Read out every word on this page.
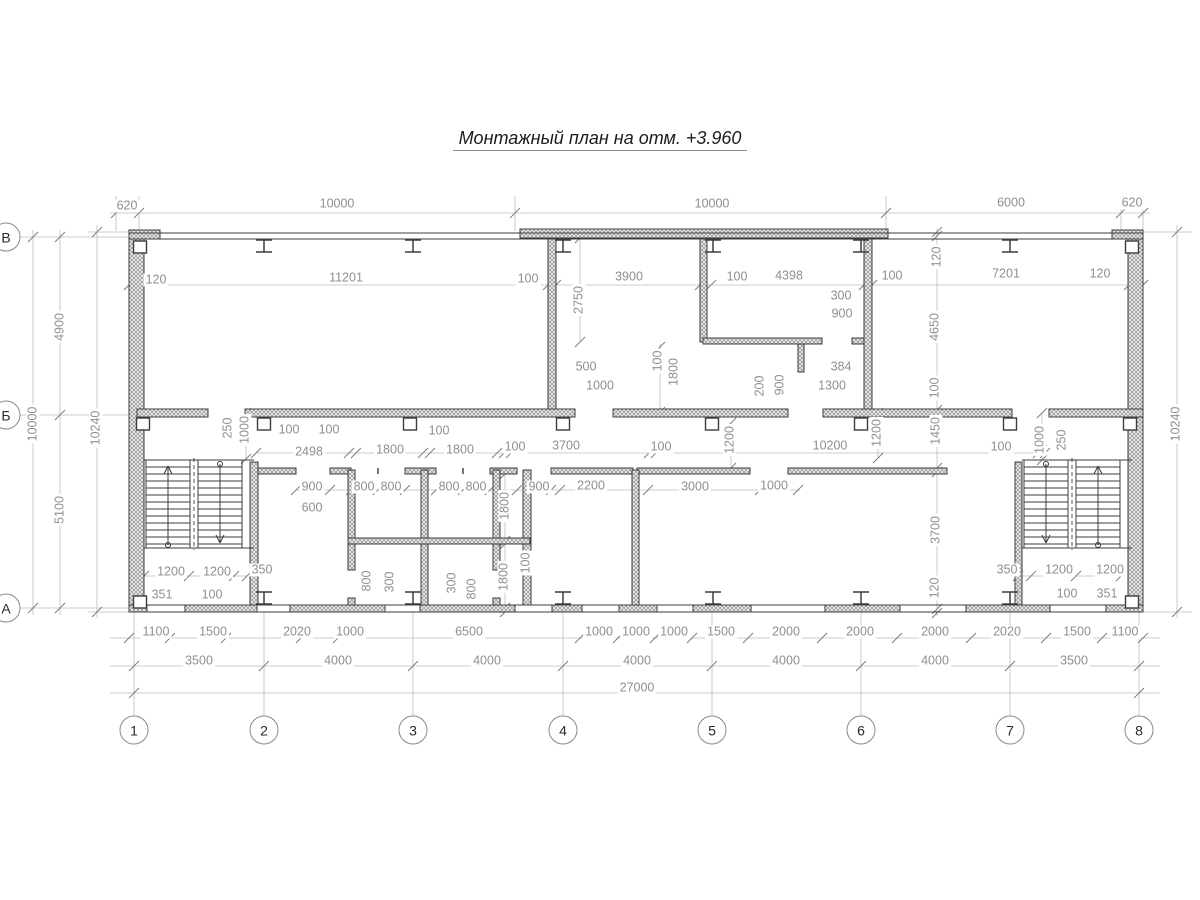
Монтажный план на отм. +3.960
620	10000	10000	6000	620
120	11201	100	3900	100 4398	100	7201	120
2750
120
4650
100
300
900
500
1000
100 1800
200 900
384
1300
4900
10000
5100
10240	10240
250 1000 100 100
2498	1800
100
1800 100 3700	100	1200	10200 1200	1450
100 1000 250
900 800 800	800 800	900 2200
600
3000	1000
1800
100
1800
1200 1200 350
351 100
800 300	300 800
3700
120
350 1200 1200
100 351
1100 1500	2020 1000	6500	1000 1000 1000 1500	2000	2000	2000	2020	1500 1100
3500	4000	4000	4000	4000	4000	3500
27000
1	2	3	4	5	6	7	8
В
Б
А
